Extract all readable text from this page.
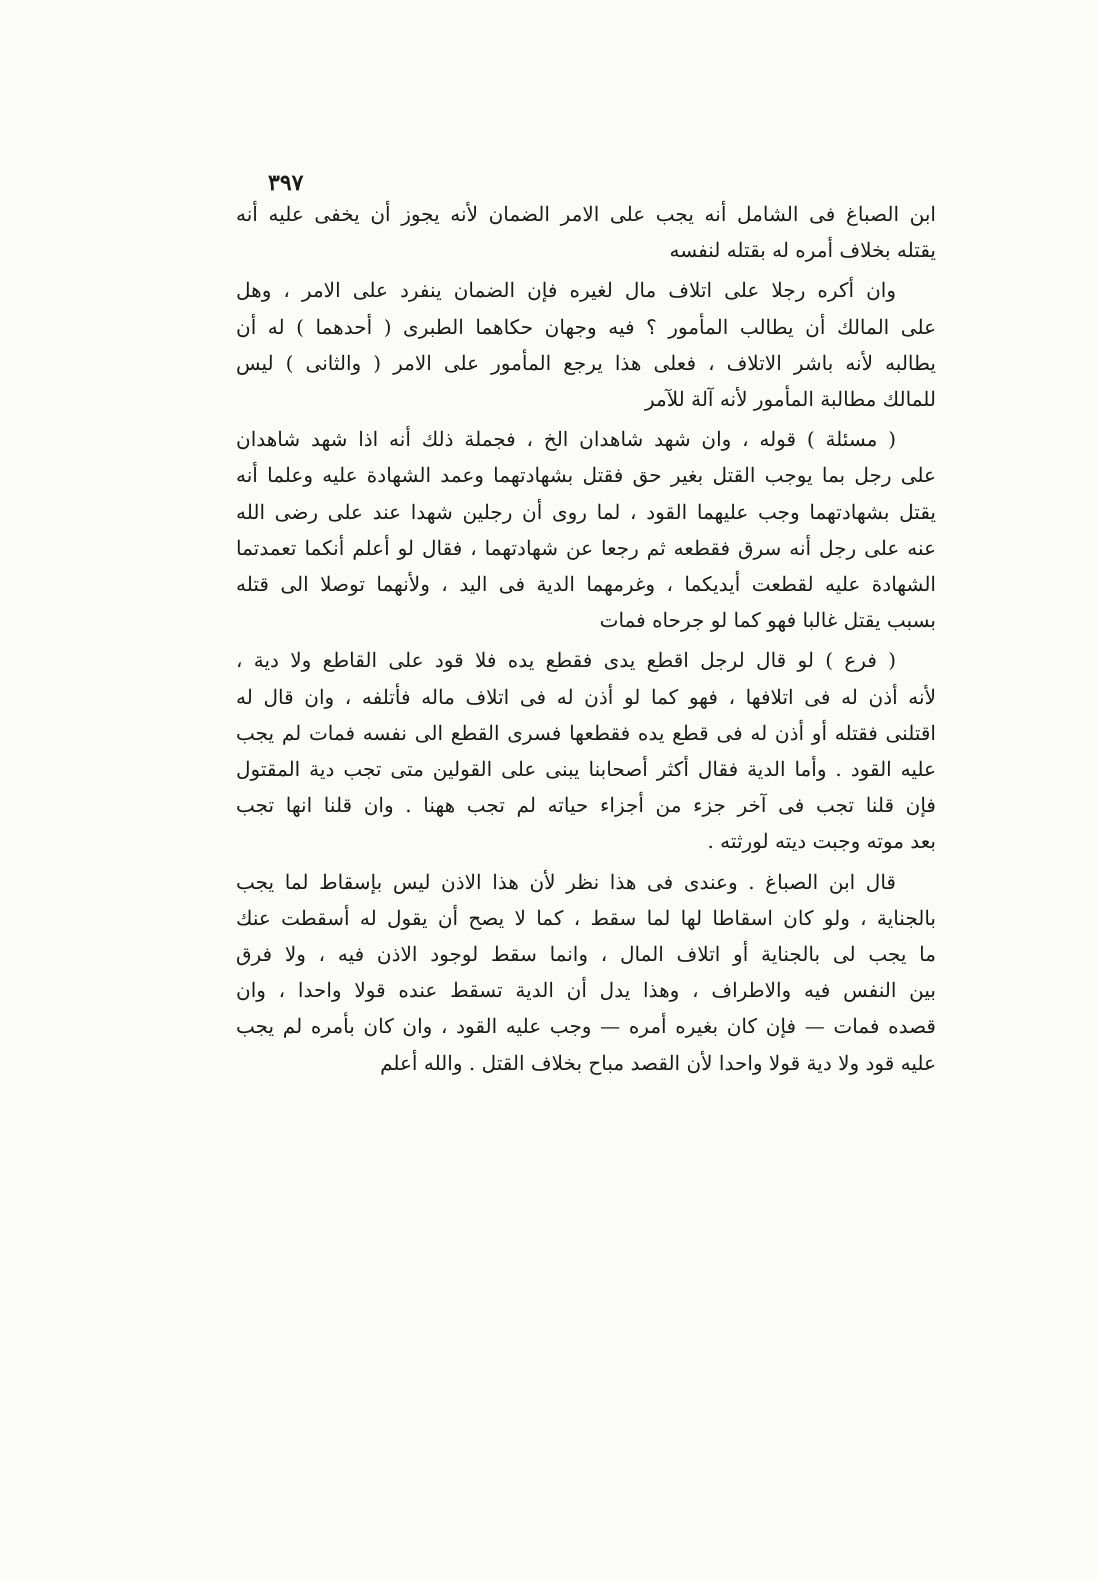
٣٩٧

ابن الصباغ فى الشامل أنه يجب على الامر الضمان لأنه يجوز أن يخفى عليه أنه
يقتله بخلاف أمره له بقتله لنفسه

وان أكره رجلا على اتلاف مال لغيره فإن الضمان ينفرد على الامر ، وهل
على المالك أن يطالب المأمور ؟ فيه وجهان حكاهما الطبرى ( أحدهما ) له أن
يطالبه لأنه باشر الاتلاف ، فعلى هذا يرجع المأمور على الامر ( والثانى ) ليس
للمالك مطالبة المأمور لأنه آلة للآمر

( مسئلة ) قوله ، وان شهد شاهدان الخ ، فجملة ذلك أنه اذا شهد شاهدان
على رجل بما يوجب القتل بغير حق فقتل بشهادتهما وعمد الشهادة عليه وعلما أنه
يقتل بشهادتهما وجب عليهما القود ، لما روى أن رجلين شهدا عند على رضى الله
عنه على رجل أنه سرق فقطعه ثم رجعا عن شهادتهما ، فقال لو أعلم أنكما تعمدتما
الشهادة عليه لقطعت أيديكما ، وغرمهما الدية فى اليد ، ولأنهما توصلا الى قتله
بسبب يقتل غالبا فهو كما لو جرحاه فمات

( فرع ) لو قال لرجل اقطع يدى فقطع يده فلا قود على القاطع ولا دية ،
لأنه أذن له فى اتلافها ، فهو كما لو أذن له فى اتلاف ماله فأتلفه ، وان قال له
اقتلنى فقتله أو أذن له فى قطع يده فقطعها فسرى القطع الى نفسه فمات لم يجب
عليه القود . وأما الدية فقال أكثر أصحابنا يبنى على القولين متى تجب دية المقتول
فإن قلنا تجب فى آخر جزء من أجزاء حياته لم تجب ههنا . وان قلنا انها تجب
بعد موته وجبت ديته لورثته .

قال ابن الصباغ . وعندى فى هذا نظر لأن هذا الاذن ليس بإسقاط لما يجب
بالجناية ، ولو كان اسقاطا لها لما سقط ، كما لا يصح أن يقول له أسقطت عنك
ما يجب لى بالجناية أو اتلاف المال ، وانما سقط لوجود الاذن فيه ، ولا فرق
بين النفس فيه والاطراف ، وهذا يدل أن الدية تسقط عنده قولا واحدا ، وان
قصده فمات — فإن كان بغيره أمره — وجب عليه القود ، وان كان بأمره لم يجب
عليه قود ولا دية قولا واحدا لأن القصد مباح بخلاف القتل . والله أعلم
